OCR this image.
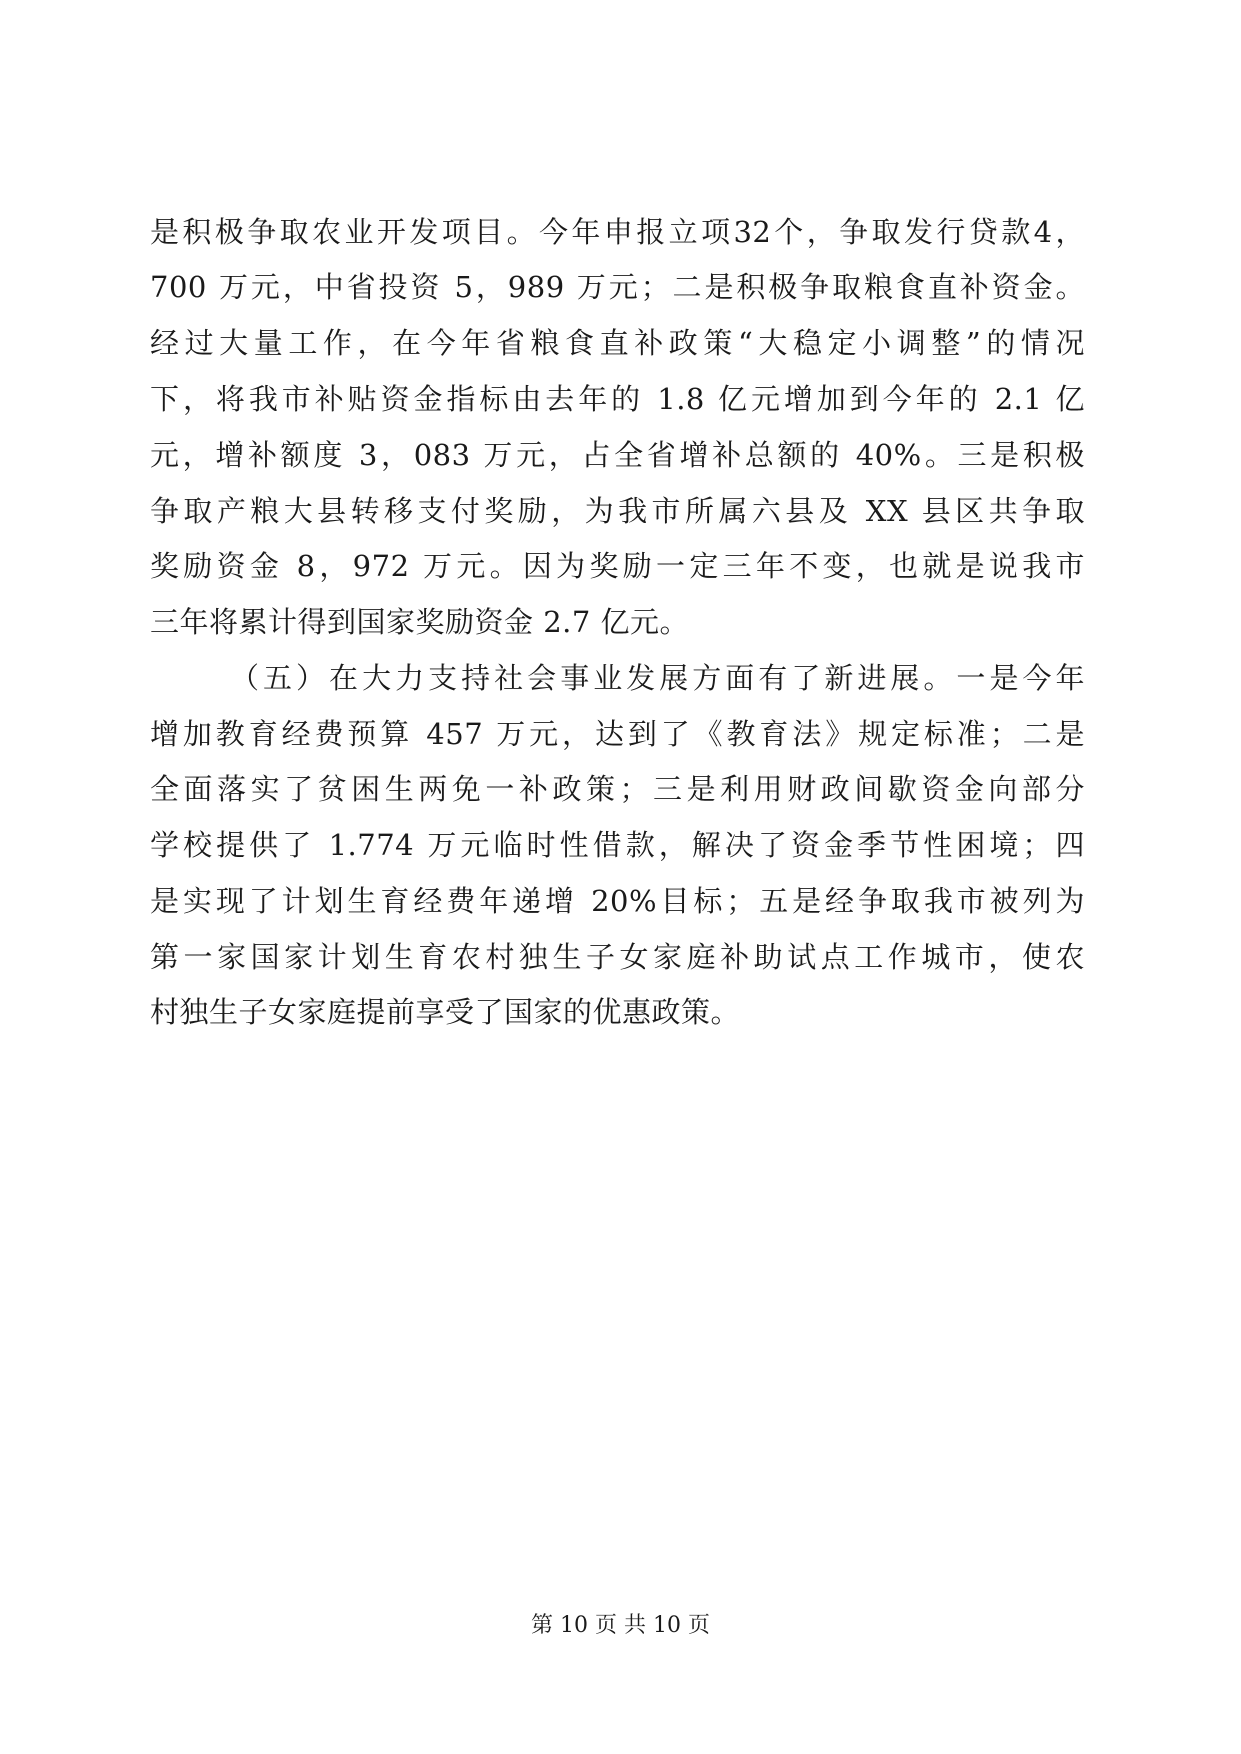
是积极争取农业开发项目。今年申报立项32个，争取发行贷款4，
700 万元，中省投资 5，989 万元；二是积极争取粮食直补资金。
经过大量工作，在今年省粮食直补政策“大稳定小调整”的情况
下，将我市补贴资金指标由去年的 1.8 亿元增加到今年的 2.1 亿
元，增补额度 3，083 万元，占全省增补总额的 40%。三是积极
争取产粮大县转移支付奖励，为我市所属六县及 XX 县区共争取
奖励资金 8，972 万元。因为奖励一定三年不变，也就是说我市
三年将累计得到国家奖励资金 2.7 亿元。
（五）在大力支持社会事业发展方面有了新进展。一是今年
增加教育经费预算 457 万元，达到了《教育法》规定标准；二是
全面落实了贫困生两免一补政策；三是利用财政间歇资金向部分
学校提供了 1.774 万元临时性借款，解决了资金季节性困境；四
是实现了计划生育经费年递增 20%目标；五是经争取我市被列为
第一家国家计划生育农村独生子女家庭补助试点工作城市，使农
村独生子女家庭提前享受了国家的优惠政策。
第 10 页 共 10 页
